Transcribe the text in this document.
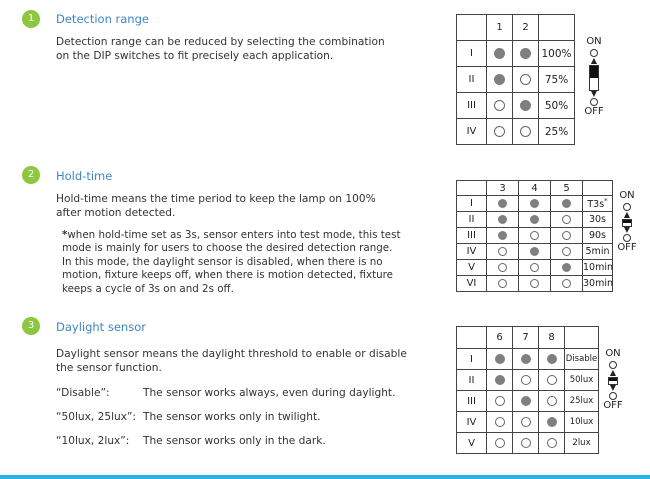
1	Detection range
Detection range can be reduced by selecting the combination
on the DIP switches to fit precisely each application.
	1	2	
I			100%
II			75%
III			50%
IV			25%
ON
▲
▼
OFF
2	Hold-time
Hold-time means the time period to keep the lamp on 100%
after motion detected.
*when hold-time set as 3s, sensor enters into test mode, this test
mode is mainly for users to choose the desired detection range.
In this mode, the daylight sensor is disabled, when there is no
motion, fixture keeps off, when there is motion detected, fixture
keeps a cycle of 3s on and 2s off.
	3	4	5	
I				T3s*
II				30s
III				90s
IV				5min
V				10min
VI				30min
ON
▲
▼
OFF
3	Daylight sensor
Daylight sensor means the daylight threshold to enable or disable
the sensor function.
“Disable”:	The sensor works always, even during daylight.
“50lux, 25lux”: The sensor works only in twilight.
“10lux, 2lux”: The sensor works only in the dark.
	6	7	8	
I				Disable
II				50lux
III				25lux
IV				10lux
V				2lux
ON
▲
▼
OFF
